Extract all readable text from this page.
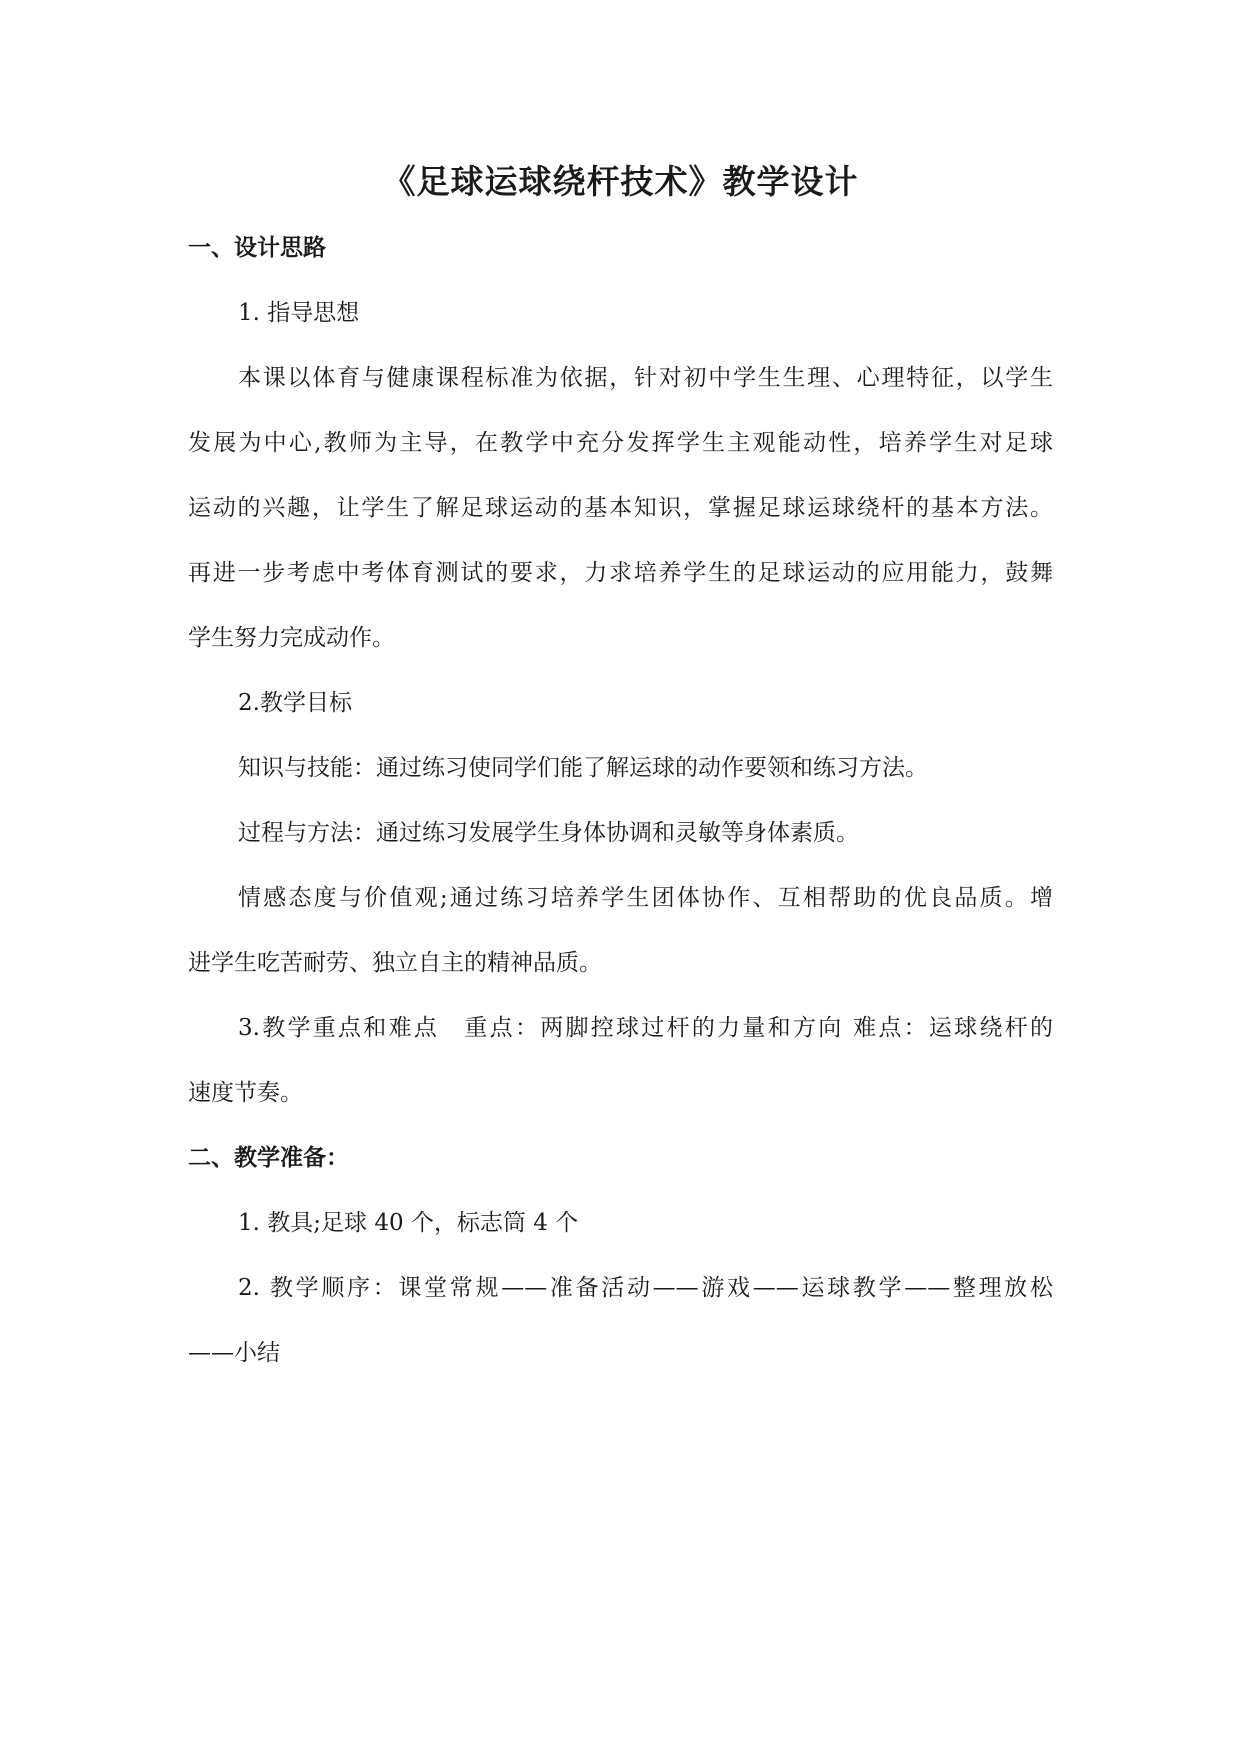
《足球运球绕杆技术》教学设计
一、设计思路
1. 指导思想
本课以体育与健康课程标准为依据，针对初中学生生理、心理特征，以学生
发展为中心,教师为主导，在教学中充分发挥学生主观能动性，培养学生对足球
运动的兴趣，让学生了解足球运动的基本知识，掌握足球运球绕杆的基本方法。
再进一步考虑中考体育测试的要求，力求培养学生的足球运动的应用能力，鼓舞
学生努力完成动作。
2.教学目标
知识与技能：通过练习使同学们能了解运球的动作要领和练习方法。
过程与方法：通过练习发展学生身体协调和灵敏等身体素质。
情感态度与价值观;通过练习培养学生团体协作、互相帮助的优良品质。增
进学生吃苦耐劳、独立自主的精神品质。
3.教学重点和难点　重点：两脚控球过杆的力量和方向 难点：运球绕杆的
速度节奏。
二、教学准备：
1. 教具;足球 40 个，标志筒 4 个
2. 教学顺序：课堂常规——准备活动——游戏——运球教学——整理放松
——小结
